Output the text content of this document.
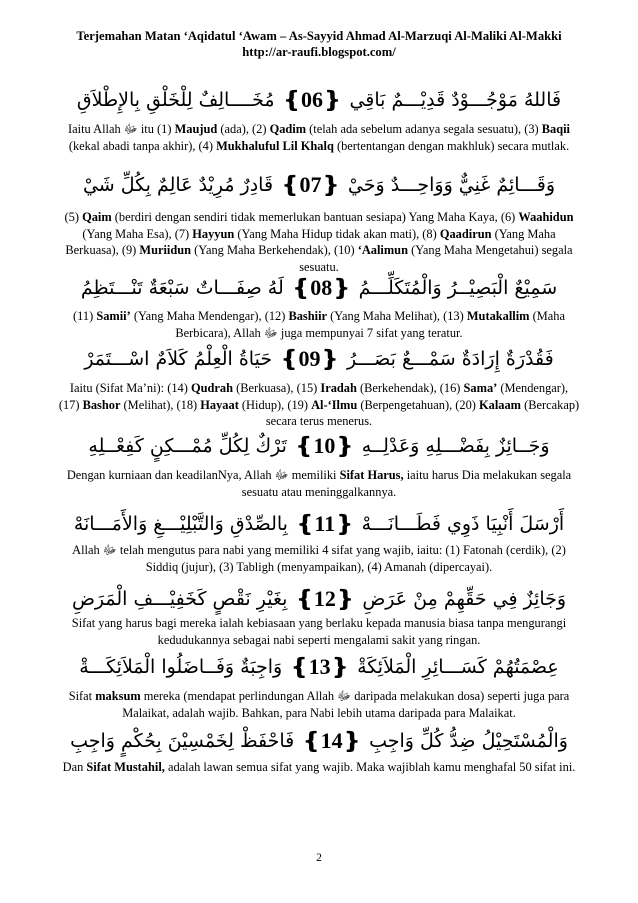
Terjemahan Matan ‘Aqidatul ‘Awam – As-Sayyid Ahmad Al-Marzuqi Al-Maliki Al-Makki
http://ar-raufi.blogspot.com/
فَاللهُ مَوْجُـــوْدٌ قَدِيْـــمٌ بَاقِي
❴06❵
مُخَــــالِفٌ لِلْخَلْقِ بِالإِطْلاَقِ
Iaitu Allah ﷻ itu (1) Maujud (ada), (2) Qadim (telah ada sebelum adanya segala sesuatu), (3) Baqii (kekal abadi tanpa akhir), (4) Mukhaluful Lil Khalq (bertentangan dengan makhluk) secara mutlak.
وَقَـــائِمٌ غَنِيٌّ وَوَاحِـــدٌ وَحَيْ
❴07❵
قَادِرٌ مُرِيْدٌ عَالِمٌ بِكُلِّ شَيْ
(5) Qaim (berdiri dengan sendiri tidak memerlukan bantuan sesiapa) Yang Maha Kaya, (6) Waahidun (Yang Maha Esa), (7) Hayyun (Yang Maha Hidup tidak akan mati), (8) Qaadirun (Yang Maha Berkuasa), (9) Muriidun (Yang Maha Berkehendak), (10) ‘Aalimun (Yang Maha Mengetahui) segala sesuatu.
سَمِيْعٌ الْبَصِيْــرُ وَالْمُتَكَلِّـــمُ
❴08❵
لَهُ صِفَـــاتٌ سَبْعَةٌ تَنْـــتَظِمُ
(11) Samii’ (Yang Maha Mendengar), (12) Bashiir (Yang Maha Melihat), (13) Mutakallim (Maha Berbicara), Allah ﷻ juga mempunyai 7 sifat yang teratur.
فَقُدْرَةٌ إِرَادَةٌ سَمْـــعٌ بَصَـــرُ
❴09❵
حَيَاةُ الْعِلْمُ كَلاَمٌ اسْـــتَمَرْ
Iaitu (Sifat Ma’ni): (14) Qudrah (Berkuasa), (15) Iradah (Berkehendak), (16) Sama’ (Mendengar), (17) Bashor (Melihat), (18) Hayaat (Hidup), (19) Al-‘Ilmu (Berpengetahuan), (20) Kalaam (Bercakap) secara terus menerus.
وَجَــائِزٌ بِفَضْـــلِهِ وَعَدْلِــهِ
❴10❵
تَرْكٌ لِكُلِّ مُمْـــكِنٍ كَفِعْــلِهِ
Dengan kurniaan dan keadilanNya, Allah ﷻ memiliki Sifat Harus, iaitu harus Dia melakukan segala sesuatu atau meninggalkannya.
أَرْسَلَ أَنْبِيَا ذَوِي فَطَـــانَـــهْ
❴11❵
بِالصِّدْقِ وَالتَّبْلِيْـــغِ وَالأَمَـــانَهْ
Allah ﷻ telah mengutus para nabi yang memiliki 4 sifat yang wajib, iaitu: (1) Fatonah (cerdik), (2) Siddiq (jujur), (3) Tabligh (menyampaikan), (4) Amanah (dipercayai).
وَجَائِزٌ فِي حَقِّهِمْ مِنْ عَرَضِ
❴12❵
بِغَيْرِ نَقْصٍ كَخَفِيْـــفِ الْمَرَضِ
Sifat yang harus bagi mereka ialah kebiasaan yang berlaku kepada manusia biasa tanpa mengurangi kedudukannya sebagai nabi seperti mengalami sakit yang ringan.
عِصْمَتُهُمْ كَسَـــائِرِ الْمَلاَئِكَةْ
❴13❵
وَاجِبَةٌ وَفَــاضَلُوا الْمَلاَئِكَـــةْ
Sifat maksum mereka (mendapat perlindungan Allah ﷻ daripada melakukan dosa) seperti juga para Malaikat, adalah wajib. Bahkan, para Nabi lebih utama daripada para Malaikat.
وَالْمُسْتَحِيْلُ ضِدُّ كُلِّ وَاجِبِ
❴14❵
فَاحْفَظْ لِخَمْسِيْنَ بِحُكْمٍ وَاجِبِ
Dan Sifat Mustahil, adalah lawan semua sifat yang wajib. Maka wajiblah kamu menghafal 50 sifat ini.
2
